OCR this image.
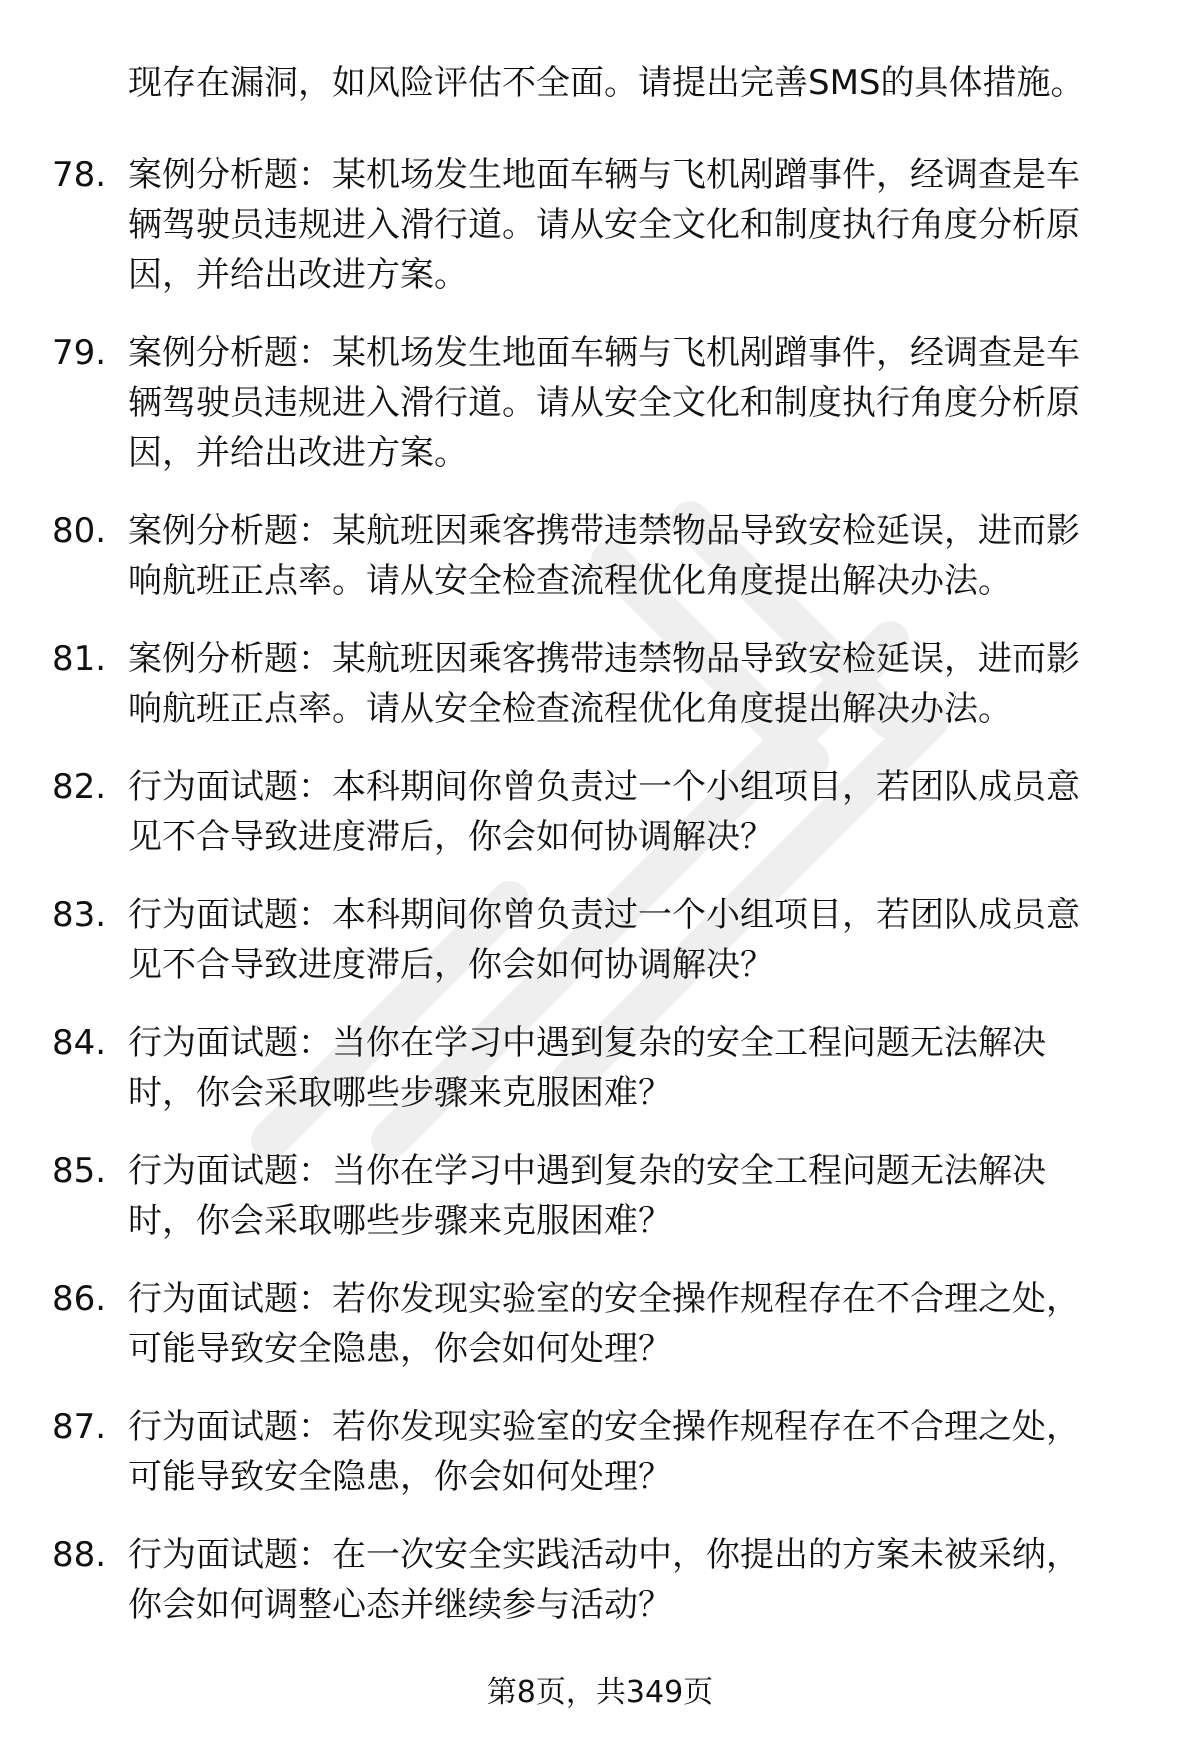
现存在漏洞，如风险评估不全面。请提出完善SMS的具体措施。
78. 案例分析题：某机场发生地面车辆与飞机剐蹭事件，经调查是车
辆驾驶员违规进入滑行道。请从安全文化和制度执行角度分析原
因，并给出改进方案。
79. 案例分析题：某机场发生地面车辆与飞机剐蹭事件，经调查是车
辆驾驶员违规进入滑行道。请从安全文化和制度执行角度分析原
因，并给出改进方案。
80. 案例分析题：某航班因乘客携带违禁物品导致安检延误，进而影
响航班正点率。请从安全检查流程优化角度提出解决办法。
81. 案例分析题：某航班因乘客携带违禁物品导致安检延误，进而影
响航班正点率。请从安全检查流程优化角度提出解决办法。
82. 行为面试题：本科期间你曾负责过一个小组项目，若团队成员意
见不合导致进度滞后，你会如何协调解决？
83. 行为面试题：本科期间你曾负责过一个小组项目，若团队成员意
见不合导致进度滞后，你会如何协调解决？
84. 行为面试题：当你在学习中遇到复杂的安全工程问题无法解决
时，你会采取哪些步骤来克服困难？
85. 行为面试题：当你在学习中遇到复杂的安全工程问题无法解决
时，你会采取哪些步骤来克服困难？
86. 行为面试题：若你发现实验室的安全操作规程存在不合理之处，
可能导致安全隐患，你会如何处理？
87. 行为面试题：若你发现实验室的安全操作规程存在不合理之处，
可能导致安全隐患，你会如何处理？
88. 行为面试题：在一次安全实践活动中，你提出的方案未被采纳，
你会如何调整心态并继续参与活动？
第8页，共349页
